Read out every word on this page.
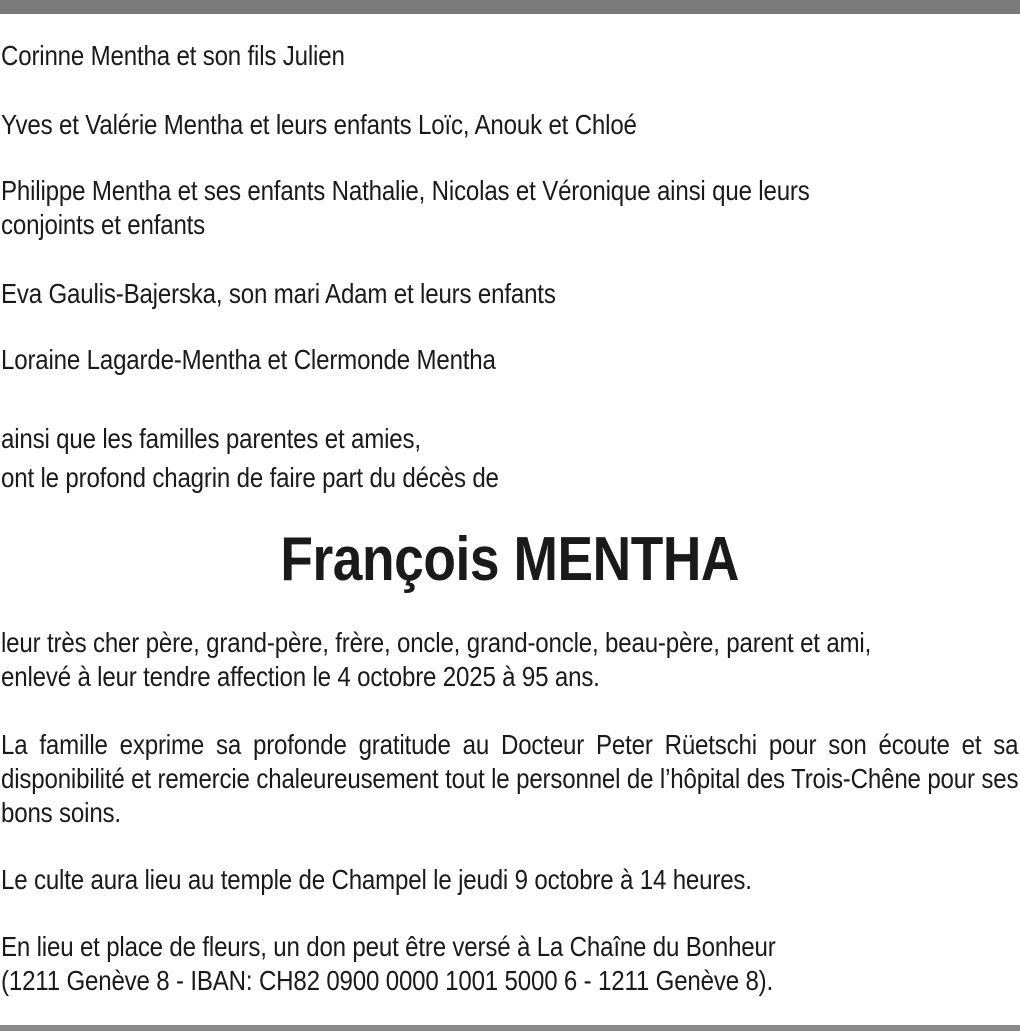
Corinne Mentha et son fils Julien

Yves et Valérie Mentha et leurs enfants Loïc, Anouk et Chloé

Philippe Mentha et ses enfants Nathalie, Nicolas et Véronique ainsi que leurs

conjoints et enfants

Eva Gaulis-Bajerska, son mari Adam et leurs enfants

Loraine Lagarde-Mentha et Clermonde Mentha

ainsi que les familles parentes et amies,

ont le profond chagrin de faire part du décès de

François MENTHA

leur très cher père, grand-père, frère, oncle, grand-oncle, beau-père, parent et ami,

enlevé à leur tendre affection le 4 octobre 2025 à 95 ans.

La famille exprime sa profonde gratitude au Docteur Peter Rüetschi pour son écoute et sa disponibilité et remercie chaleureusement tout le personnel de l’hôpital des Trois-Chêne pour ses bons soins.

Le culte aura lieu au temple de Champel le jeudi 9 octobre à 14 heures.

En lieu et place de fleurs, un don peut être versé à La Chaîne du Bonheur

(1211 Genève 8 - IBAN: CH82 0900 0000 1001 5000 6 - 1211 Genève 8).
